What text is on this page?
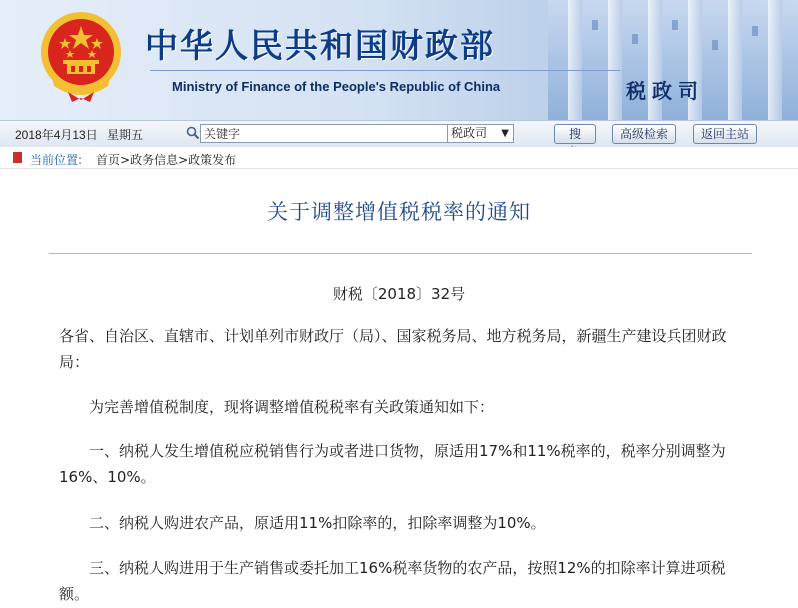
中华人民共和国财政部

Ministry of Finance of the People's Republic of China	税政司
2018年4月13日 星期五
关键字	税政司 ▼	搜	高级检索	返回主站
当前位置: 首页>政务信息>政策发布
关于调整增值税税率的通知
财税〔2018〕32号

各省、自治区、直辖市、计划单列市财政厅（局）、国家税务局、地方税务局，新疆生产建设兵团财政局：

为完善增值税制度，现将调整增值税税率有关政策通知如下：

一、纳税人发生增值税应税销售行为或者进口货物，原适用17%和11%税率的，税率分别调整为16%、10%。

二、纳税人购进农产品，原适用11%扣除率的，扣除率调整为10%。

三、纳税人购进用于生产销售或委托加工16%税率货物的农产品，按照12%的扣除率计算进项税额。
